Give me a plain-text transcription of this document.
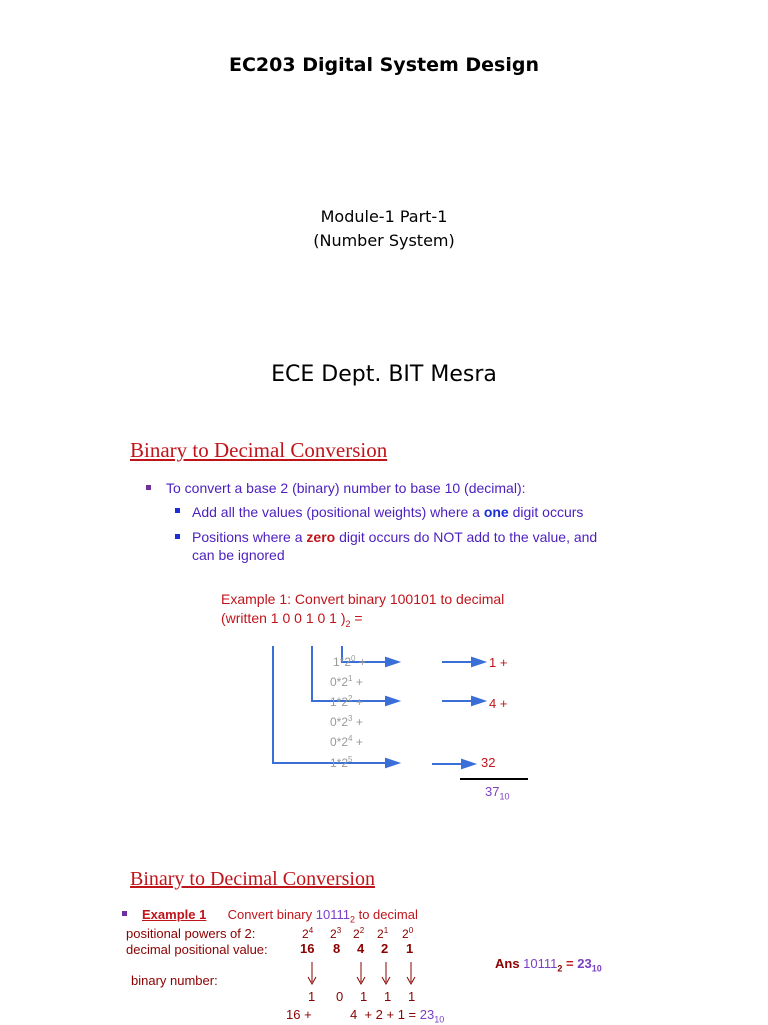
EC203 Digital System Design
Module-1 Part-1
(Number System)
ECE Dept. BIT Mesra
Binary to Decimal Conversion
To convert a base 2 (binary) number to base 10 (decimal):
Add all the values (positional weights) where a one digit occurs
Positions where a zero digit occurs do NOT add to the value, and
can be ignored
Example 1: Convert binary 100101 to decimal
(written 1 0 0 1 0 1 )$_2$ =
$1*2^0$ +
$0*2^1$ +
$1*2^2$ +
$0*2^3$ +
$0*2^4$ +
$1*2^5$
1 +
4 +
32
$37_{10}$
Binary to Decimal Conversion
Example 1 Convert binary $10111_2$ to decimal
positional powers of 2:
decimal positional value:
binary number:
$2^4$ $2^3$ $2^2$ $2^1$ $2^0$
16 8 4 2 1
1 0 1 1 1
16 +	$4 + 2 + 1 = 23_{10}$
Ans $10111_2 = 23_{10}$
